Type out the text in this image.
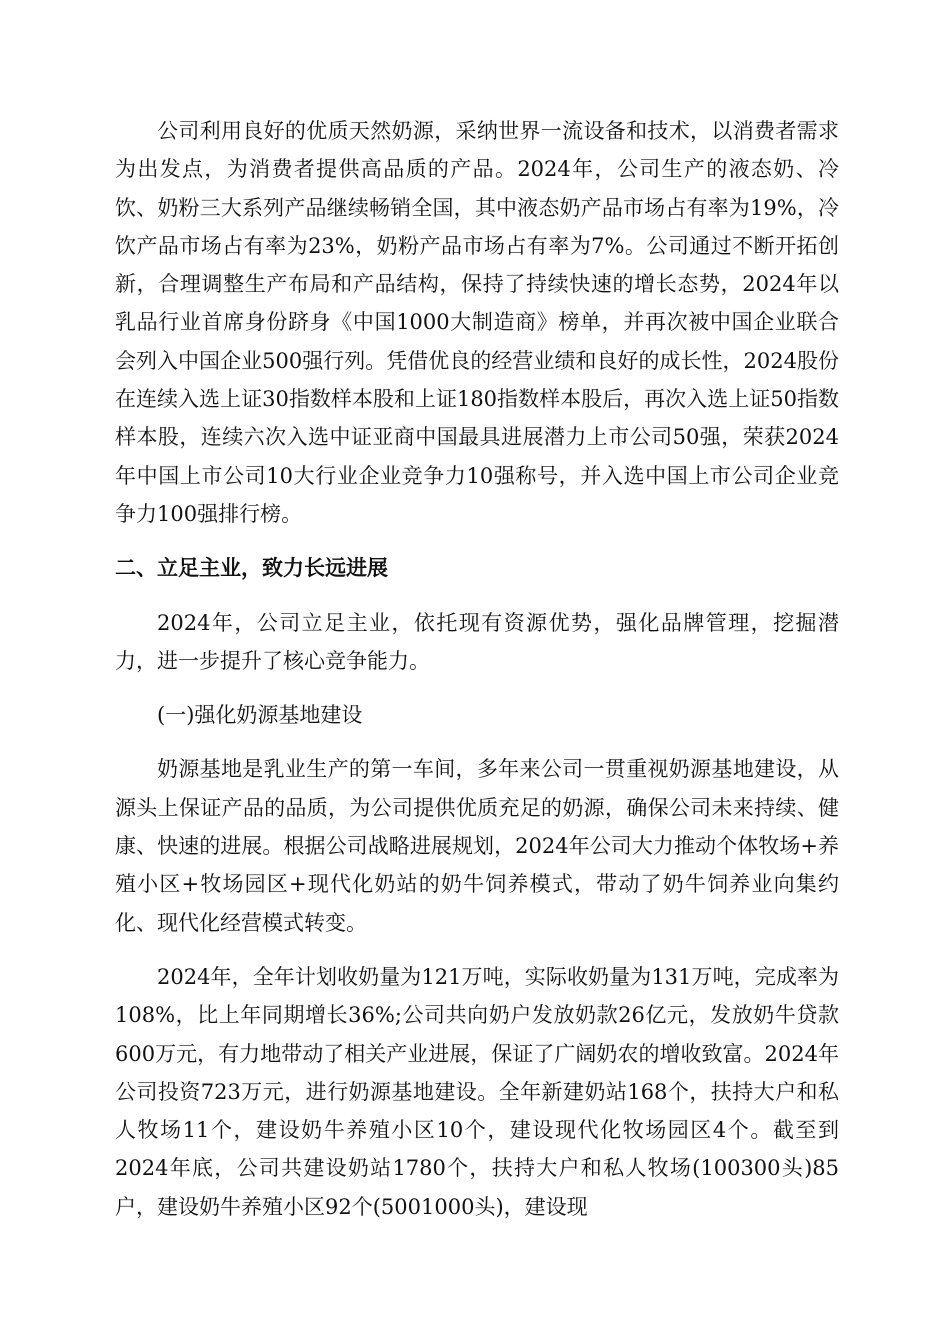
公司利用良好的优质天然奶源，采纳世界一流设备和技术，以消费者需求为出发点，为消费者提供高品质的产品。2024年，公司生产的液态奶、冷饮、奶粉三大系列产品继续畅销全国，其中液态奶产品市场占有率为19%，冷饮产品市场占有率为23%，奶粉产品市场占有率为7%。公司通过不断开拓创新，合理调整生产布局和产品结构，保持了持续快速的增长态势，2024年以乳品行业首席身份跻身《中国1000大制造商》榜单，并再次被中国企业联合会列入中国企业500强行列。凭借优良的经营业绩和良好的成长性，2024股份在连续入选上证30指数样本股和上证180指数样本股后，再次入选上证50指数样本股，连续六次入选中证亚商中国最具进展潜力上市公司50强，荣获2024年中国上市公司10大行业企业竞争力10强称号，并入选中国上市公司企业竞争力100强排行榜。

二、立足主业，致力长远进展

2024年，公司立足主业，依托现有资源优势，强化品牌管理，挖掘潜力，进一步提升了核心竞争能力。

(一)强化奶源基地建设

奶源基地是乳业生产的第一车间，多年来公司一贯重视奶源基地建设，从源头上保证产品的品质，为公司提供优质充足的奶源，确保公司未来持续、健康、快速的进展。根据公司战略进展规划，2024年公司大力推动个体牧场+养殖小区+牧场园区+现代化奶站的奶牛饲养模式，带动了奶牛饲养业向集约化、现代化经营模式转变。

2024年，全年计划收奶量为121万吨，实际收奶量为131万吨，完成率为108%，比上年同期增长36%;公司共向奶户发放奶款26亿元，发放奶牛贷款600万元，有力地带动了相关产业进展，保证了广阔奶农的增收致富。2024年公司投资723万元，进行奶源基地建设。全年新建奶站168个，扶持大户和私人牧场11个，建设奶牛养殖小区10个，建设现代化牧场园区4个。截至到2024年底，公司共建设奶站1780个，扶持大户和私人牧场(100300头)85户，建设奶牛养殖小区92个(5001000头)，建设现
